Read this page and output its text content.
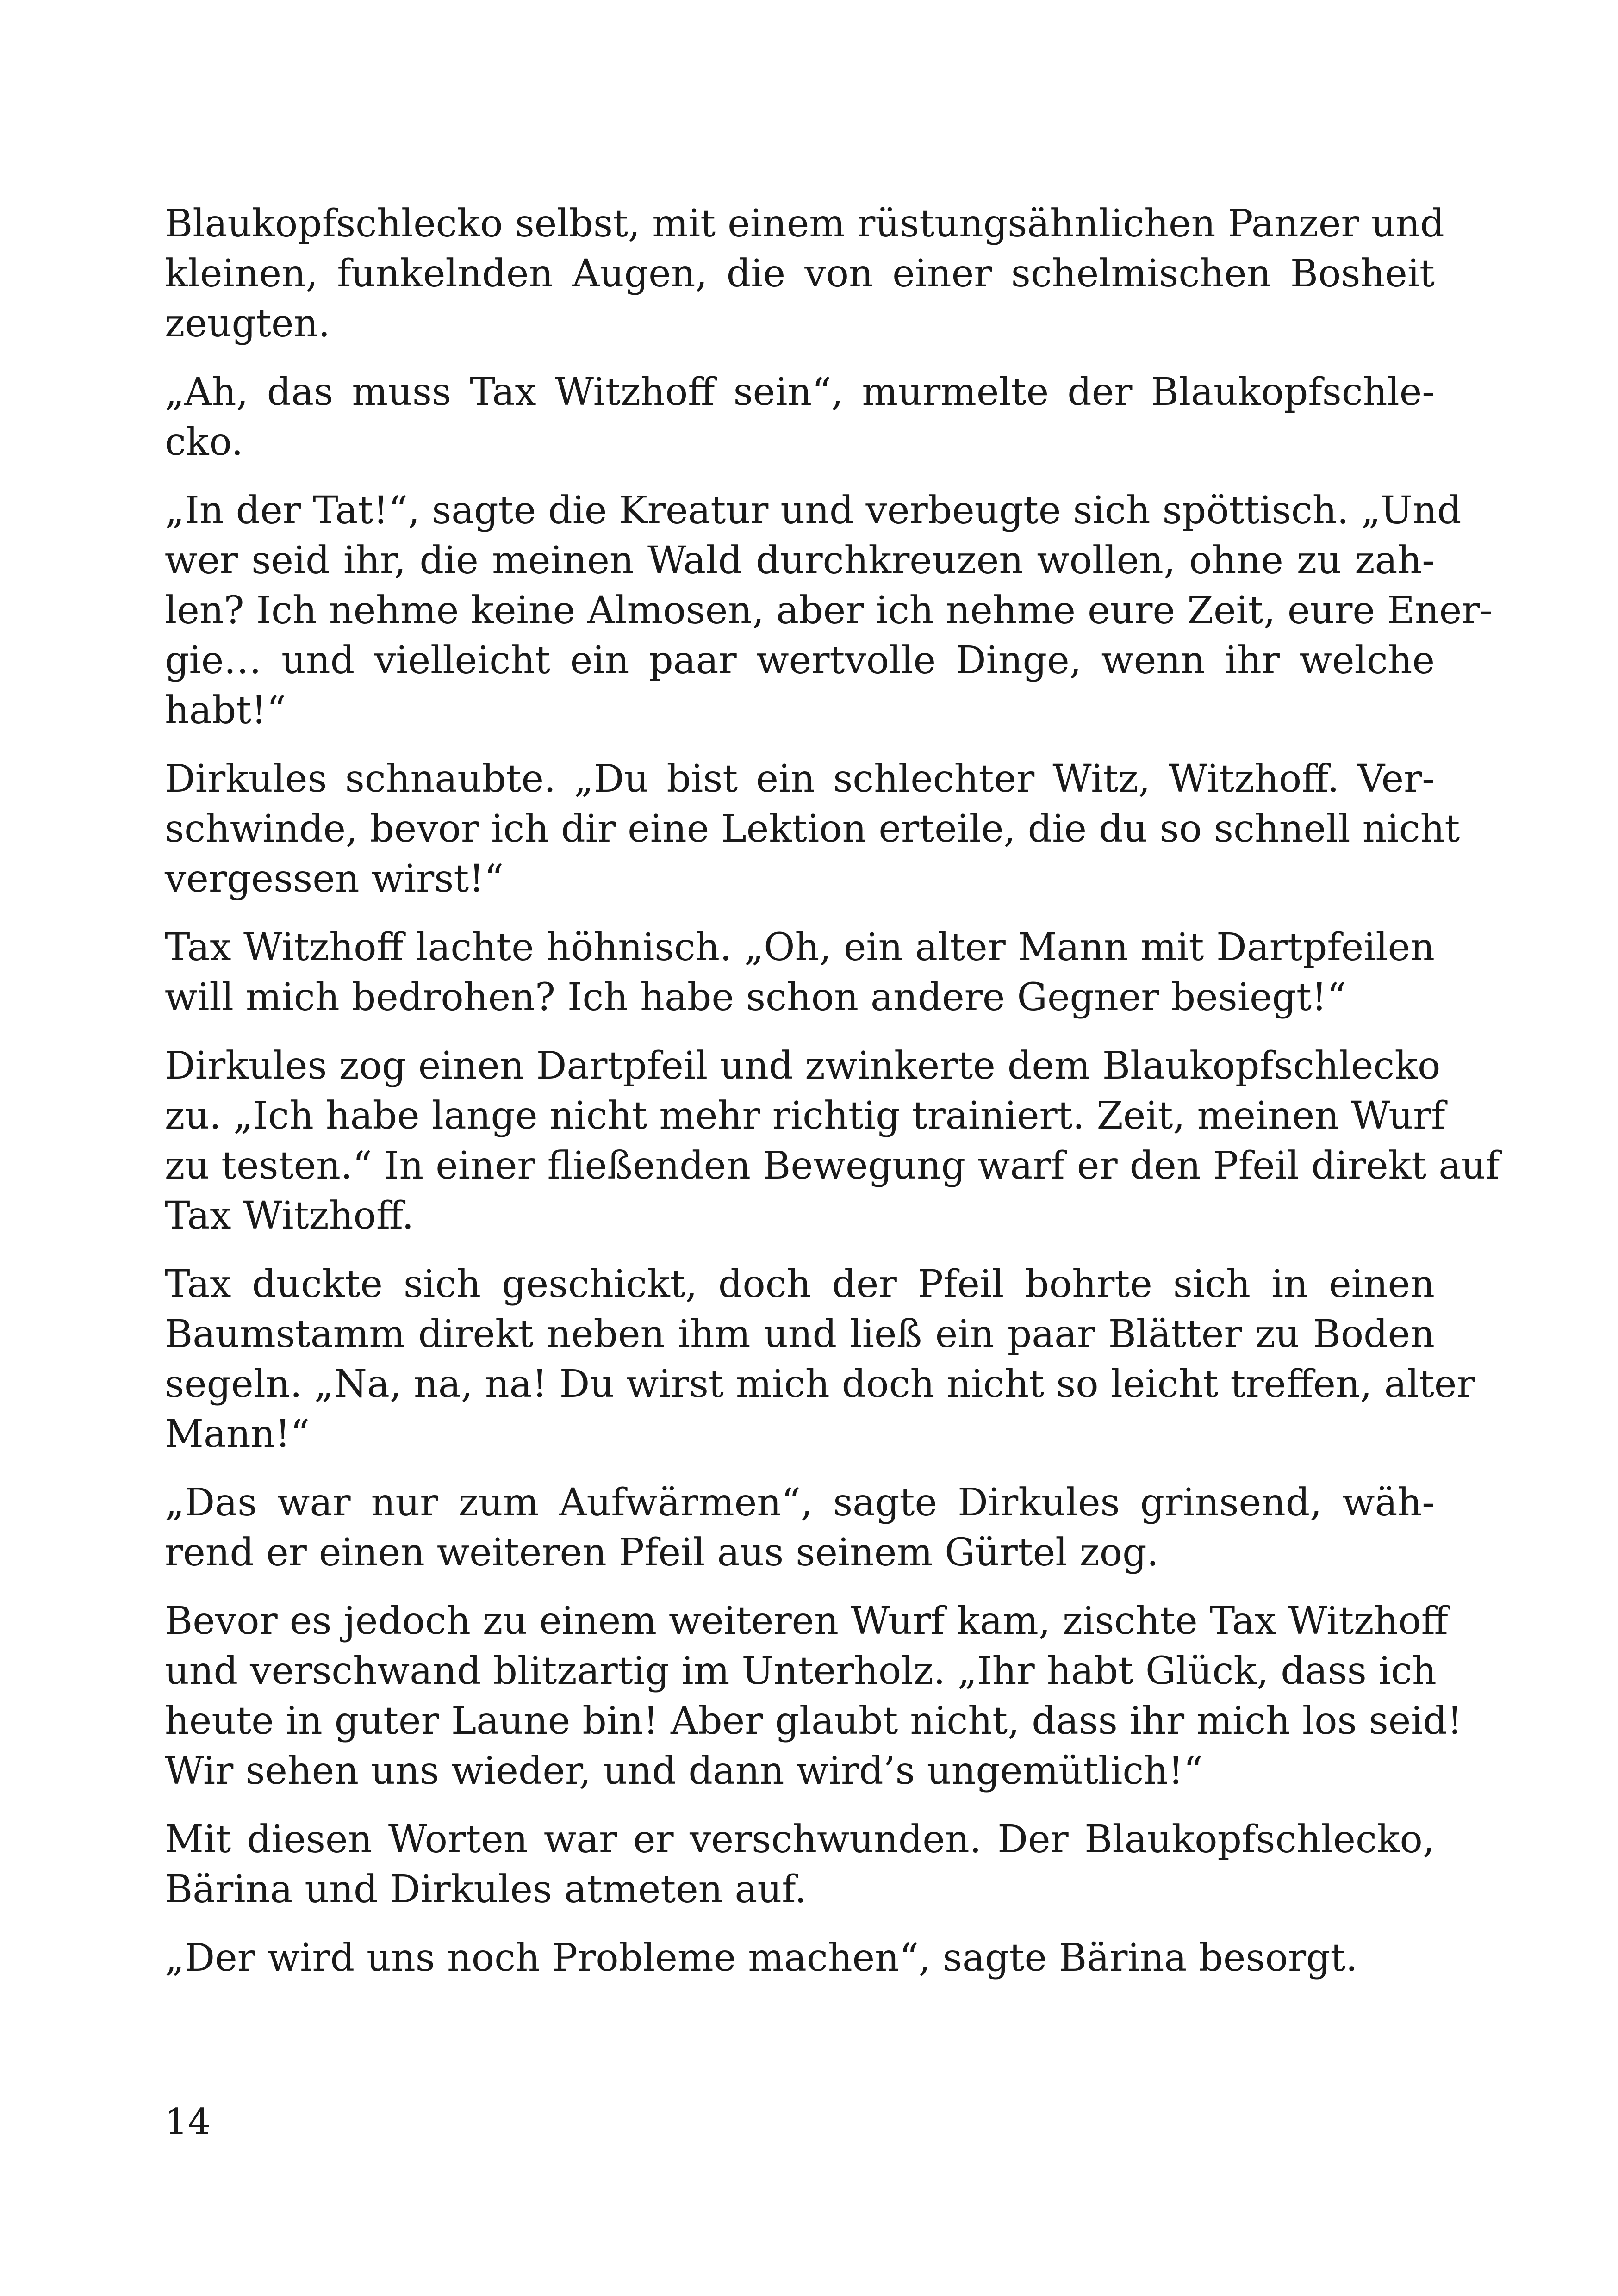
Blaukopfschlecko selbst, mit einem rüstungsähnlichen Panzer und
kleinen, funkelnden Augen, die von einer schelmischen Bosheit
zeugten.
„Ah, das muss Tax Witzhoff sein“, murmelte der Blaukopfschle-
cko.
„In der Tat!“, sagte die Kreatur und verbeugte sich spöttisch. „Und
wer seid ihr, die meinen Wald durchkreuzen wollen, ohne zu zah-
len? Ich nehme keine Almosen, aber ich nehme eure Zeit, eure Ener-
gie… und vielleicht ein paar wertvolle Dinge, wenn ihr welche
habt!“
Dirkules schnaubte. „Du bist ein schlechter Witz, Witzhoff. Ver-
schwinde, bevor ich dir eine Lektion erteile, die du so schnell nicht
vergessen wirst!“
Tax Witzhoff lachte höhnisch. „Oh, ein alter Mann mit Dartpfeilen
will mich bedrohen? Ich habe schon andere Gegner besiegt!“
Dirkules zog einen Dartpfeil und zwinkerte dem Blaukopfschlecko
zu. „Ich habe lange nicht mehr richtig trainiert. Zeit, meinen Wurf
zu testen.“ In einer fließenden Bewegung warf er den Pfeil direkt auf
Tax Witzhoff.
Tax duckte sich geschickt, doch der Pfeil bohrte sich in einen
Baumstamm direkt neben ihm und ließ ein paar Blätter zu Boden
segeln. „Na, na, na! Du wirst mich doch nicht so leicht treffen, alter
Mann!“
„Das war nur zum Aufwärmen“, sagte Dirkules grinsend, wäh-
rend er einen weiteren Pfeil aus seinem Gürtel zog.
Bevor es jedoch zu einem weiteren Wurf kam, zischte Tax Witzhoff
und verschwand blitzartig im Unterholz. „Ihr habt Glück, dass ich
heute in guter Laune bin! Aber glaubt nicht, dass ihr mich los seid!
Wir sehen uns wieder, und dann wird’s ungemütlich!“
Mit diesen Worten war er verschwunden. Der Blaukopfschlecko,
Bärina und Dirkules atmeten auf.
„Der wird uns noch Probleme machen“, sagte Bärina besorgt.
14
